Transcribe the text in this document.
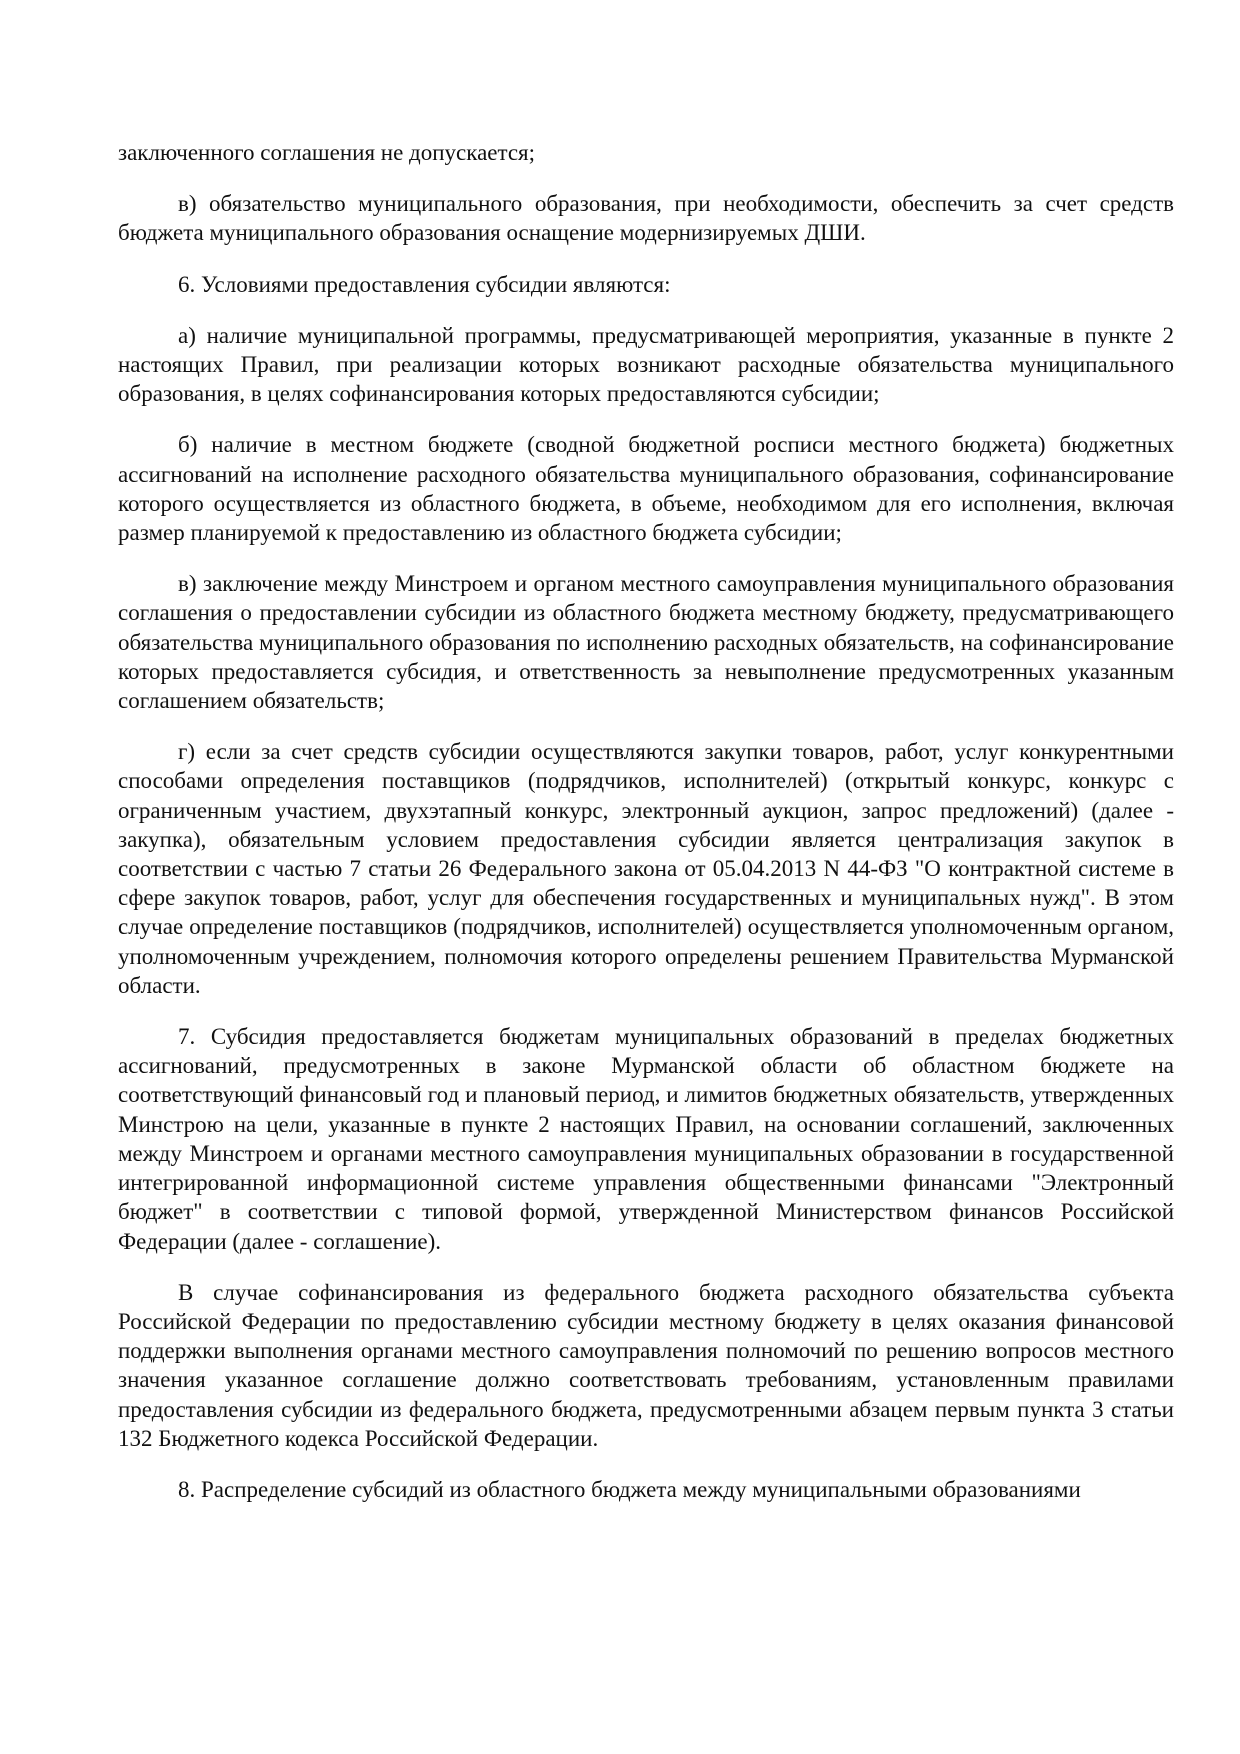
заключенного соглашения не допускается;

в) обязательство муниципального образования, при необходимости, обеспечить за счет средств бюджета муниципального образования оснащение модернизируемых ДШИ.

6. Условиями предоставления субсидии являются:

а) наличие муниципальной программы, предусматривающей мероприятия, указанные в пункте 2 настоящих Правил, при реализации которых возникают расходные обязательства муниципального образования, в целях софинансирования которых предоставляются субсидии;

б) наличие в местном бюджете (сводной бюджетной росписи местного бюджета) бюджетных ассигнований на исполнение расходного обязательства муниципального образования, софинансирование которого осуществляется из областного бюджета, в объеме, необходимом для его исполнения, включая размер планируемой к предоставлению из областного бюджета субсидии;

в) заключение между Минстроем и органом местного самоуправления муниципального образования соглашения о предоставлении субсидии из областного бюджета местному бюджету, предусматривающего обязательства муниципального образования по исполнению расходных обязательств, на софинансирование которых предоставляется субсидия, и ответственность за невыполнение предусмотренных указанным соглашением обязательств;

г) если за счет средств субсидии осуществляются закупки товаров, работ, услуг конкурентными способами определения поставщиков (подрядчиков, исполнителей) (открытый конкурс, конкурс с ограниченным участием, двухэтапный конкурс, электронный аукцион, запрос предложений) (далее - закупка), обязательным условием предоставления субсидии является централизация закупок в соответствии с частью 7 статьи 26 Федерального закона от 05.04.2013 N 44-ФЗ "О контрактной системе в сфере закупок товаров, работ, услуг для обеспечения государственных и муниципальных нужд". В этом случае определение поставщиков (подрядчиков, исполнителей) осуществляется уполномоченным органом, уполномоченным учреждением, полномочия которого определены решением Правительства Мурманской области.

7. Субсидия предоставляется бюджетам муниципальных образований в пределах бюджетных ассигнований, предусмотренных в законе Мурманской области об областном бюджете на соответствующий финансовый год и плановый период, и лимитов бюджетных обязательств, утвержденных Минстрою на цели, указанные в пункте 2 настоящих Правил, на основании соглашений, заключенных между Минстроем и органами местного самоуправления муниципальных образовании в государственной интегрированной информационной системе управления общественными финансами "Электронный бюджет" в соответствии с типовой формой, утвержденной Министерством финансов Российской Федерации (далее - соглашение).

В случае софинансирования из федерального бюджета расходного обязательства субъекта Российской Федерации по предоставлению субсидии местному бюджету в целях оказания финансовой поддержки выполнения органами местного самоуправления полномочий по решению вопросов местного значения указанное соглашение должно соответствовать требованиям, установленным правилами предоставления субсидии из федерального бюджета, предусмотренными абзацем первым пункта 3 статьи 132 Бюджетного кодекса Российской Федерации.

8. Распределение субсидий из областного бюджета между муниципальными образованиями
